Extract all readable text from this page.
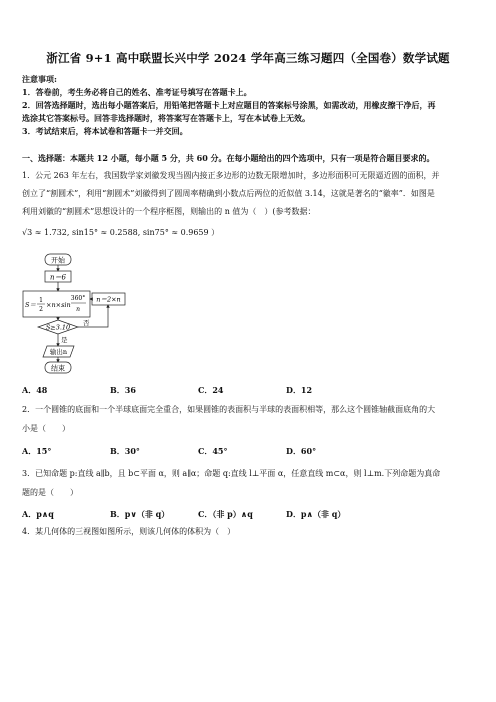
浙江省 9+1 高中联盟长兴中学 2024 学年高三练习题四（全国卷）数学试题
注意事项:
1．答卷前，考生务必将自己的姓名、准考证号填写在答题卡上。
2．回答选择题时，选出每小题答案后，用铅笔把答题卡上对应题目的答案标号涂黑，如需改动，用橡皮擦干净后，再
选涂其它答案标号。回答非选择题时，将答案写在答题卡上，写在本试卷上无效。
3．考试结束后，将本试卷和答题卡一并交回。
一、选择题：本题共 12 小题，每小题 5 分，共 60 分。在每小题给出的四个选项中，只有一项是符合题目要求的。
1．公元 263 年左右，我国数学家刘徽发现当圆内接正多边形的边数无限增加时，多边形面积可无限逼近圆的面积，并
创立了“割圆术”，利用“割圆术”刘徽得到了圆周率精确到小数点后两位的近似值 3.14，这就是著名的“徽率”．如图是
利用刘徽的“割圆术”思想设计的一个程序框图，则输出的 n 值为（　）(参考数据：
√3 ≈ 1.732, sin15° ≈ 0.2588, sin75° ≈ 0.9659 ）
开始
n＝6
S＝
1
2
×n×sin
360°
n
n＝2×n
S≥3.10
否
是
输出n
结束
A．48	B．36	C．24	D．12
2．一个圆锥的底面和一个半球底面完全重合，如果圆锥的表面积与半球的表面积相等，那么这个圆锥轴截面底角的大
小是（　　）
A．15°	B．30°	C．45°	D．60°
3．已知命题 p:直线 a∥b，且 b⊂平面 α，则 a∥α；命题 q:直线 l⊥平面 α，任意直线 m⊂α，则 l⊥m.下列命题为真命
题的是（　　）
A．p∧q	B．p∨（非 q）	C．（非 p）∧q	D．p∧（非 q）
4．某几何体的三视图如图所示，则该几何体的体积为（　）
